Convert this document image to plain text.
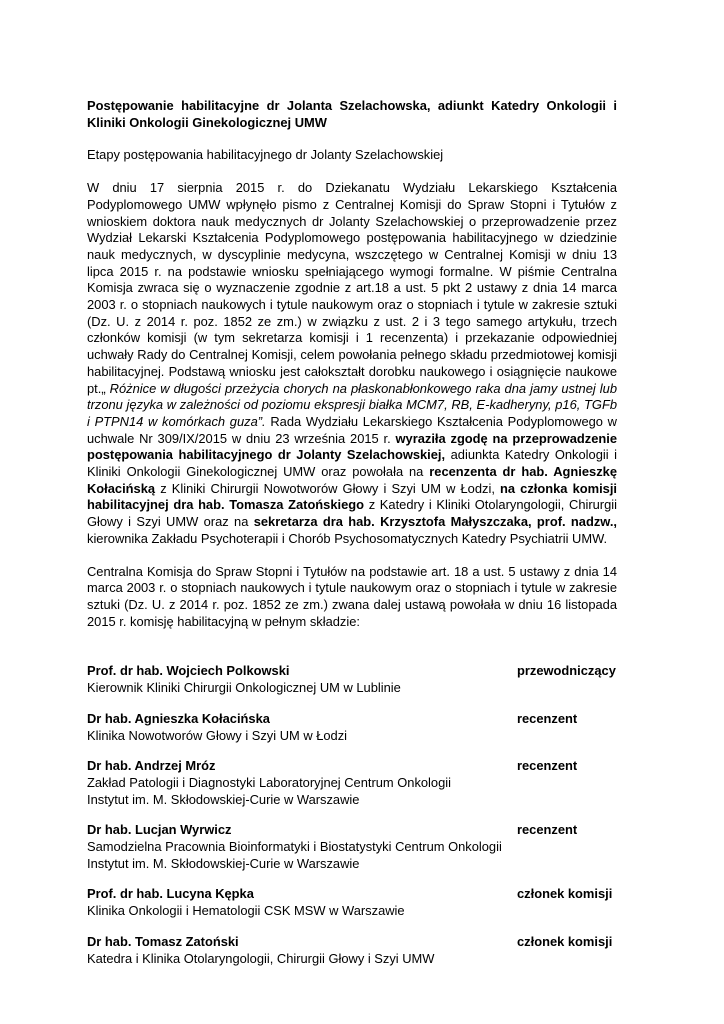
Postępowanie habilitacyjne dr Jolanta Szelachowska, adiunkt Katedry Onkologii i Kliniki Onkologii Ginekologicznej UMW

Etapy postępowania habilitacyjnego dr Jolanty Szelachowskiej

W dniu 17 sierpnia 2015 r. do Dziekanatu Wydziału Lekarskiego Kształcenia Podyplomowego UMW wpłynęło pismo z Centralnej Komisji do Spraw Stopni i Tytułów z wnioskiem doktora nauk medycznych dr Jolanty Szelachowskiej o przeprowadzenie przez Wydział Lekarski Kształcenia Podyplomowego postępowania habilitacyjnego w dziedzinie nauk medycznych, w dyscyplinie medycyna, wszczętego w Centralnej Komisji w dniu 13 lipca 2015 r. na podstawie wniosku spełniającego wymogi formalne. W piśmie Centralna Komisja zwraca się o wyznaczenie zgodnie z art.18 a ust. 5 pkt 2 ustawy z dnia 14 marca 2003 r. o stopniach naukowych i tytule naukowym oraz o stopniach i tytule w zakresie sztuki (Dz. U. z 2014 r. poz. 1852 ze zm.) w związku z ust. 2 i 3 tego samego artykułu, trzech członków komisji (w tym sekretarza komisji i 1 recenzenta) i przekazanie odpowiedniej uchwały Rady do Centralnej Komisji, celem powołania pełnego składu przedmiotowej komisji habilitacyjnej. Podstawą wniosku jest całokształt dorobku naukowego i osiągnięcie naukowe pt.„ Różnice w długości przeżycia chorych na płaskonabłonkowego raka dna jamy ustnej lub trzonu języka w zależności od poziomu ekspresji białka MCM7, RB, E-kadheryny, p16, TGFb i PTPN14 w komórkach guza”. Rada Wydziału Lekarskiego Kształcenia Podyplomowego w uchwale Nr 309/IX/2015 w dniu 23 września 2015 r. wyraziła zgodę na przeprowadzenie postępowania habilitacyjnego dr Jolanty Szelachowskiej, adiunkta Katedry Onkologii i Kliniki Onkologii Ginekologicznej UMW oraz powołała na recenzenta dr hab. Agnieszkę Kołacińską z Kliniki Chirurgii Nowotworów Głowy i Szyi UM w Łodzi, na członka komisji habilitacyjnej dra hab. Tomasza Zatońskiego z Katedry i Kliniki Otolaryngologii, Chirurgii Głowy i Szyi UMW oraz na sekretarza dra hab. Krzysztofa Małyszczaka, prof. nadzw., kierownika Zakładu Psychoterapii i Chorób Psychosomatycznych Katedry Psychiatrii UMW.

Centralna Komisja do Spraw Stopni i Tytułów na podstawie art. 18 a ust. 5 ustawy z dnia 14 marca 2003 r. o stopniach naukowych i tytule naukowym oraz o stopniach i tytule w zakresie sztuki (Dz. U. z 2014 r. poz. 1852 ze zm.) zwana dalej ustawą powołała w dniu 16 listopada 2015 r. komisję habilitacyjną w pełnym składzie:

Prof. dr hab. Wojciech Polkowski	przewodniczący

Kierownik Kliniki Chirurgii Onkologicznej UM w Lublinie

Dr hab. Agnieszka Kołacińska	recenzent

Klinika Nowotworów Głowy i Szyi UM w Łodzi

Dr hab. Andrzej Mróz	recenzent

Zakład Patologii i Diagnostyki Laboratoryjnej Centrum Onkologii

Instytut im. M. Skłodowskiej-Curie w Warszawie

Dr hab. Lucjan Wyrwicz	recenzent

Samodzielna Pracownia Bioinformatyki i Biostatystyki Centrum Onkologii

Instytut im. M. Skłodowskiej-Curie w Warszawie

Prof. dr hab. Lucyna Kępka	członek komisji

Klinika Onkologii i Hematologii CSK MSW w Warszawie

Dr hab. Tomasz Zatoński	członek komisji

Katedra i Klinika Otolaryngologii, Chirurgii Głowy i Szyi UMW
